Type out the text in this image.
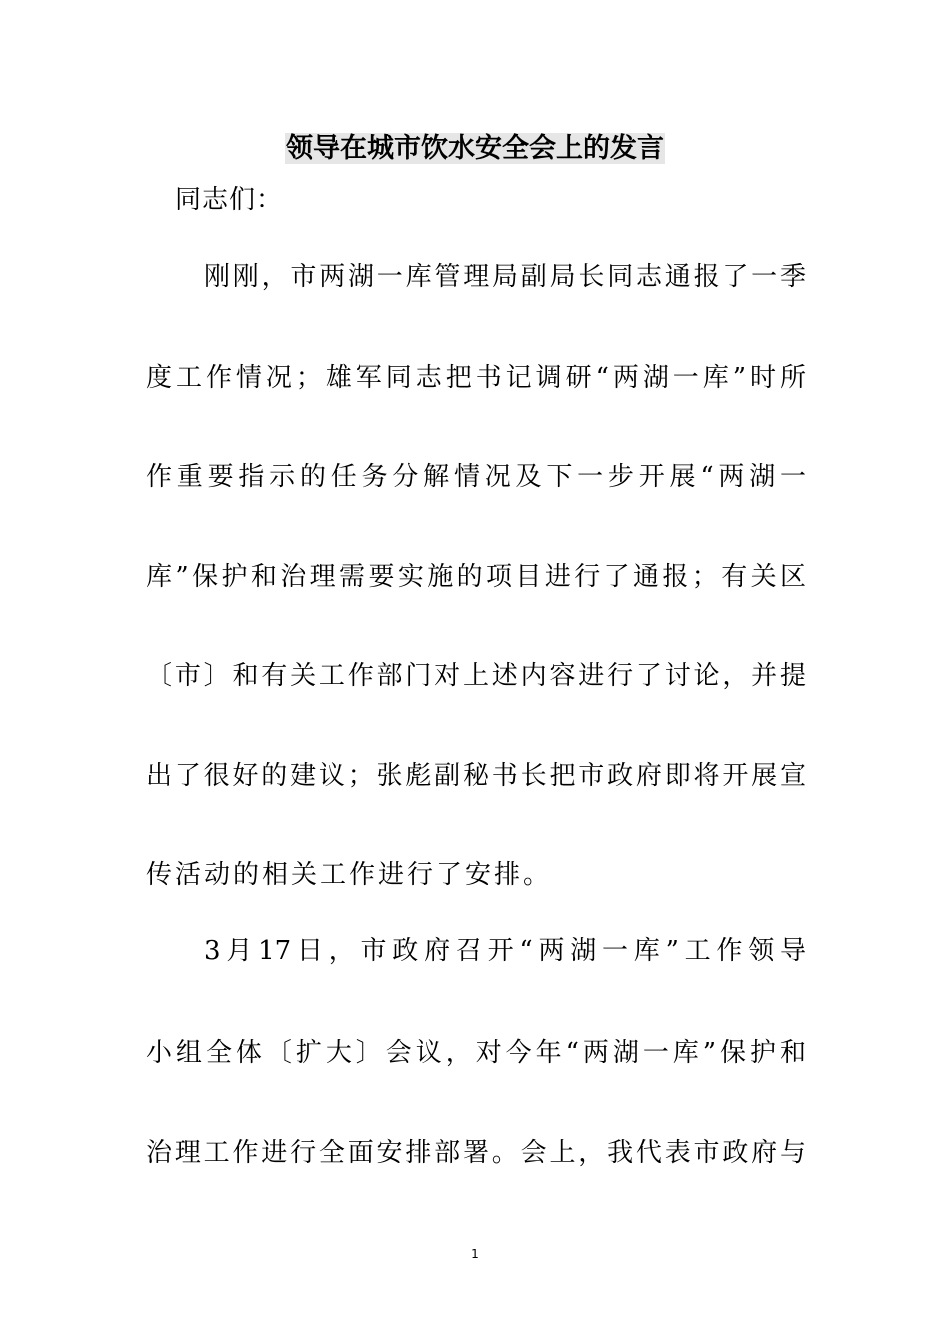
领导在城市饮水安全会上的发言
同志们：
刚刚，市两湖一库管理局副局长同志通报了一季
度工作情况；雄军同志把书记调研“两湖一库”时所
作重要指示的任务分解情况及下一步开展“两湖一
库”保护和治理需要实施的项目进行了通报；有关区
〔市〕和有关工作部门对上述内容进行了讨论，并提
出了很好的建议；张彪副秘书长把市政府即将开展宣
传活动的相关工作进行了安排。
3月17日，市政府召开“两湖一库”工作领导
小组全体〔扩大〕会议，对今年“两湖一库”保护和
治理工作进行全面安排部署。会上，我代表市政府与
1
